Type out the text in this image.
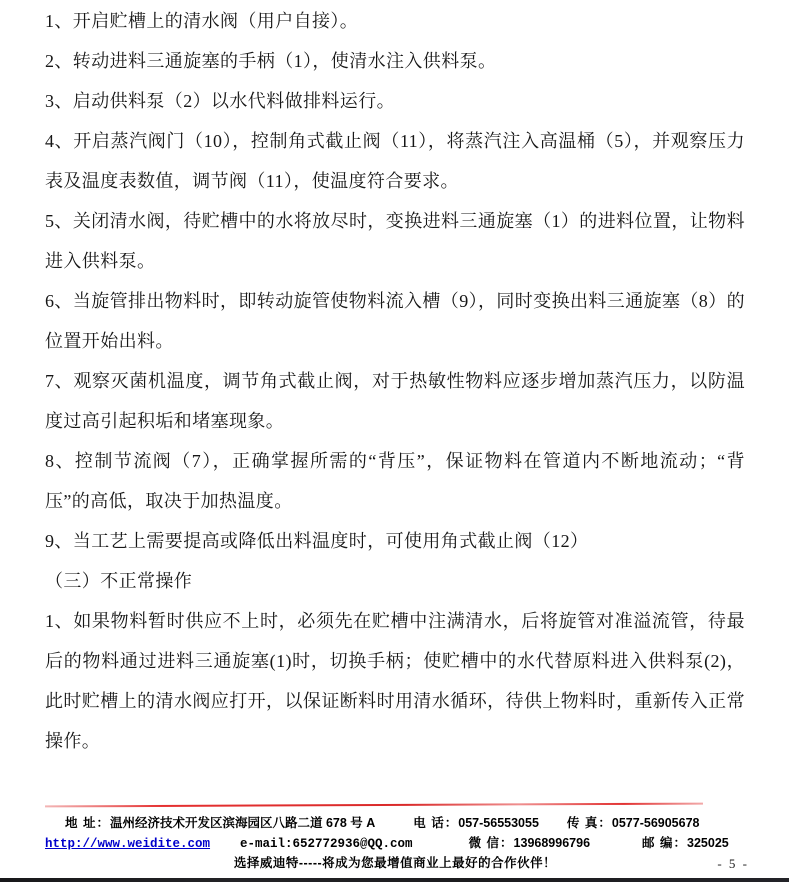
1、开启贮槽上的清水阀（用户自接）。

2、转动进料三通旋塞的手柄（1），使清水注入供料泵。

3、启动供料泵（2）以水代料做排料运行。

4、开启蒸汽阀门（10），控制角式截止阀（11），将蒸汽注入高温桶（5），并观察压力表及温度表数值，调节阀（11），使温度符合要求。

5、关闭清水阀，待贮槽中的水将放尽时，变换进料三通旋塞（1）的进料位置，让物料进入供料泵。

6、当旋管排出物料时，即转动旋管使物料流入槽（9），同时变换出料三通旋塞（8）的位置开始出料。

7、观察灭菌机温度，调节角式截止阀，对于热敏性物料应逐步增加蒸汽压力，以防温度过高引起积垢和堵塞现象。

8、控制节流阀（7），正确掌握所需的“背压”，保证物料在管道内不断地流动；“背压”的高低，取决于加热温度。

9、当工艺上需要提高或降低出料温度时，可使用角式截止阀（12）

（三）不正常操作

1、如果物料暂时供应不上时，必须先在贮槽中注满清水，后将旋管对准溢流管，待最后的物料通过进料三通旋塞(1)时，切换手柄；使贮槽中的水代替原料进入供料泵(2)，此时贮槽上的清水阀应打开，以保证断料时用清水循环，待供上物料时，重新传入正常操作。

地 址： 温州经济技术开发区滨海园区八路二道 678 号 A	电 话： 057-56553055 传 真： 0577-56905678
http://www.weidite.com e-mail:652772936@QQ.com	微 信： 13968996796	邮 编： 325025
选择威迪特-----将成为您最增值商业上最好的合作伙伴！	- 5 -
